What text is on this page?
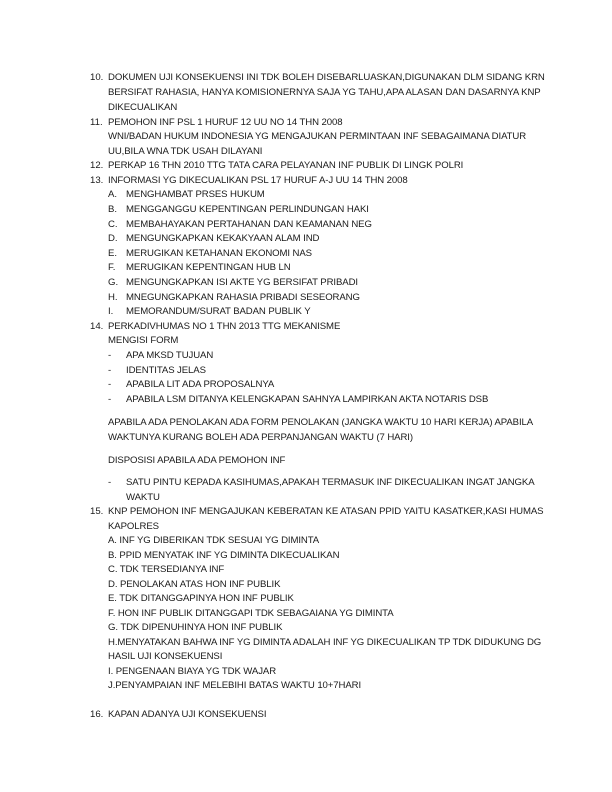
10. DOKUMEN UJI KONSEKUENSI INI TDK BOLEH DISEBARLUASKAN,DIGUNAKAN DLM SIDANG KRN
BERSIFAT RAHASIA, HANYA KOMISIONERNYA SAJA YG TAHU,APA ALASAN DAN DASARNYA KNP
DIKECUALIKAN
11. PEMOHON INF PSL 1 HURUF 12 UU NO 14 THN 2008
WNI/BADAN HUKUM INDONESIA YG MENGAJUKAN PERMINTAAN INF SEBAGAIMANA DIATUR
UU,BILA WNA TDK USAH DILAYANI
12. PERKAP 16 THN 2010 TTG TATA CARA PELAYANAN INF PUBLIK DI LINGK POLRI
13. INFORMASI YG DIKECUALIKAN PSL 17 HURUF A-J UU 14 THN 2008
A. MENGHAMBAT PRSES HUKUM
B. MENGGANGGU KEPENTINGAN PERLINDUNGAN HAKI
C. MEMBAHAYAKAN PERTAHANAN DAN KEAMANAN NEG
D. MENGUNGKAPKAN KEKAKYAAN ALAM IND
E. MERUGIKAN KETAHANAN EKONOMI NAS
F. MERUGIKAN KEPENTINGAN HUB LN
G. MENGUNGKAPKAN ISI AKTE YG BERSIFAT PRIBADI
H. MNEGUNGKAPKAN RAHASIA PRIBADI SESEORANG
I. MEMORANDUM/SURAT BADAN PUBLIK Y
14. PERKADIVHUMAS NO 1 THN 2013 TTG MEKANISME
MENGISI FORM
- APA MKSD TUJUAN
- IDENTITAS JELAS
- APABILA LIT ADA PROPOSALNYA
- APABILA LSM DITANYA KELENGKAPAN SAHNYA LAMPIRKAN AKTA NOTARIS DSB
APABILA ADA PENOLAKAN ADA FORM PENOLAKAN (JANGKA WAKTU 10 HARI KERJA) APABILA
WAKTUNYA KURANG BOLEH ADA PERPANJANGAN WAKTU (7 HARI)
DISPOSISI APABILA ADA PEMOHON INF
- SATU PINTU KEPADA KASIHUMAS,APAKAH TERMASUK INF DIKECUALIKAN INGAT JANGKA
WAKTU
15. KNP PEMOHON INF MENGAJUKAN KEBERATAN KE ATASAN PPID YAITU KASATKER,KASI HUMAS
KAPOLRES
A. INF YG DIBERIKAN TDK SESUAI YG DIMINTA
B. PPID MENYATAK INF YG DIMINTA DIKECUALIKAN
C. TDK TERSEDIANYA INF
D. PENOLAKAN ATAS HON INF PUBLIK
E. TDK DITANGGAPINYA HON INF PUBLIK
F. HON INF PUBLIK DITANGGAPI TDK SEBAGAIANA YG DIMINTA
G. TDK DIPENUHINYA HON INF PUBLIK
H.MENYATAKAN BAHWA INF YG DIMINTA ADALAH INF YG DIKECUALIKAN TP TDK DIDUKUNG DG
HASIL UJI KONSEKUENSI
I. PENGENAAN BIAYA YG TDK WAJAR
J.PENYAMPAIAN INF MELEBIHI BATAS WAKTU 10+7HARI
16. KAPAN ADANYA UJI KONSEKUENSI
